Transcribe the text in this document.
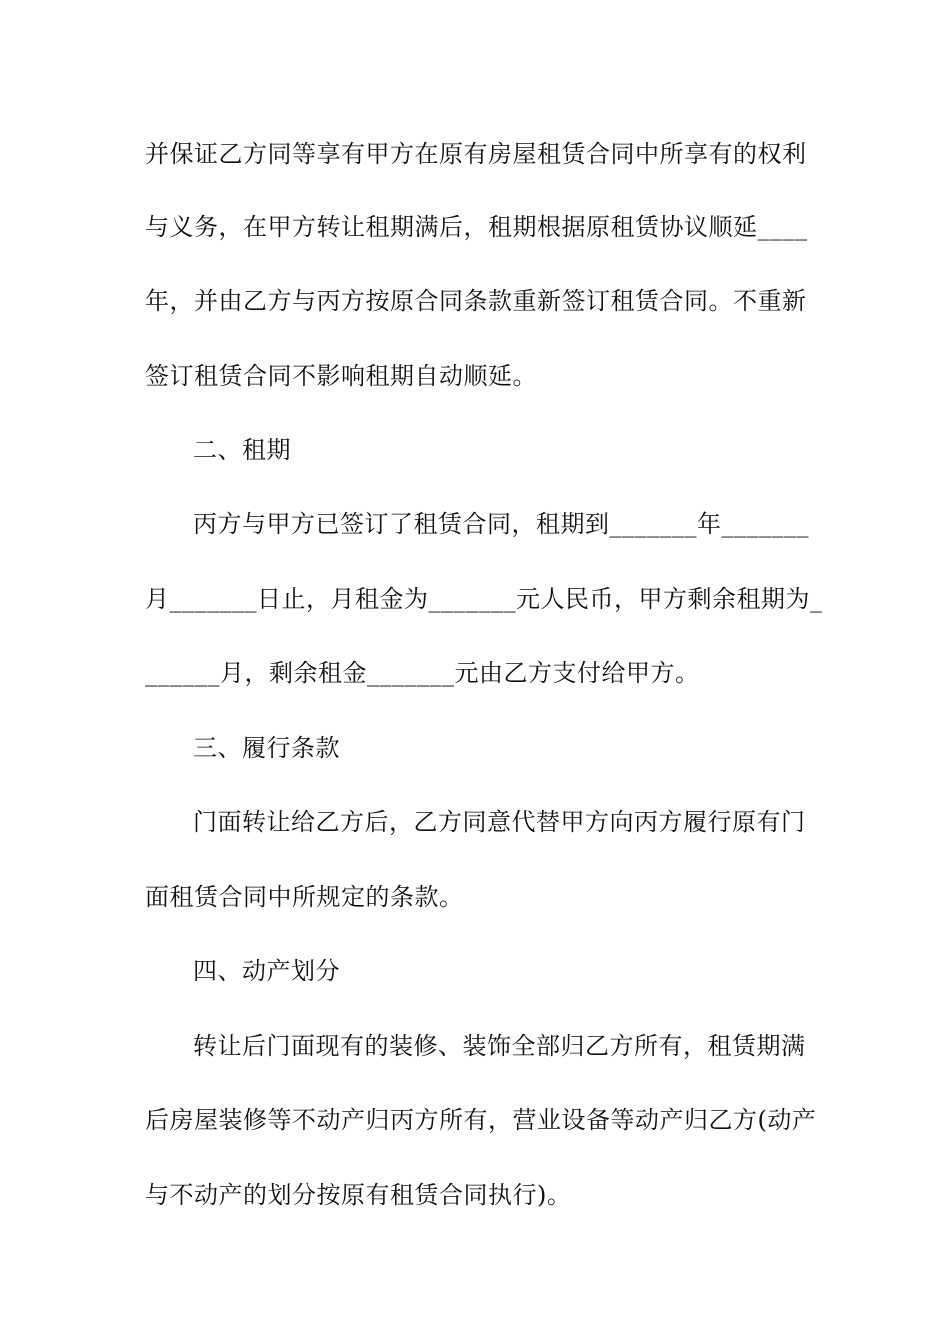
并保证乙方同等享有甲方在原有房屋租赁合同中所享有的权利
与义务，在甲方转让租期满后，租期根据原租赁协议顺延____
年，并由乙方与丙方按原合同条款重新签订租赁合同。不重新
签订租赁合同不影响租期自动顺延。
二、租期
丙方与甲方已签订了租赁合同，租期到_______年_______
月_______日止，月租金为_______元人民币，甲方剩余租期为_
______月，剩余租金_______元由乙方支付给甲方。
三、履行条款
门面转让给乙方后，乙方同意代替甲方向丙方履行原有门
面租赁合同中所规定的条款。
四、动产划分
转让后门面现有的装修、装饰全部归乙方所有，租赁期满
后房屋装修等不动产归丙方所有，营业设备等动产归乙方(动产
与不动产的划分按原有租赁合同执行)。
